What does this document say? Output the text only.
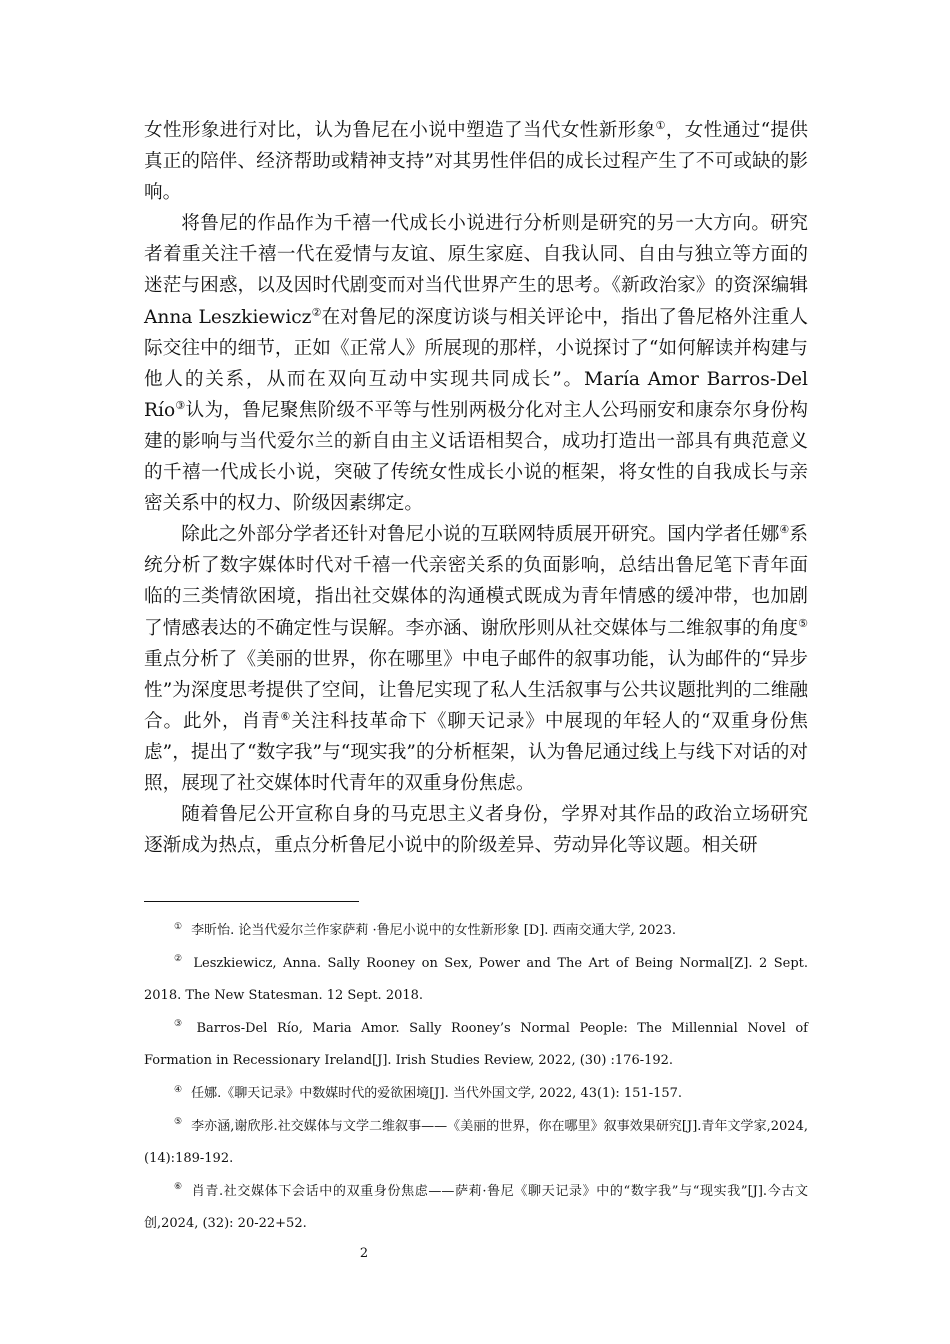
女性形象进行对比，认为鲁尼在小说中塑造了当代女性新形象①，女性通过“提供真正的陪伴、经济帮助或精神支持”对其男性伴侣的成长过程产生了不可或缺的影响。

将鲁尼的作品作为千禧一代成长小说进行分析则是研究的另一大方向。研究者着重关注千禧一代在爱情与友谊、原生家庭、自我认同、自由与独立等方面的迷茫与困惑，以及因时代剧变而对当代世界产生的思考。《新政治家》的资深编辑 Anna Leszkiewicz②在对鲁尼的深度访谈与相关评论中，指出了鲁尼格外注重人际交往中的细节，正如《正常人》所展现的那样，小说探讨了“如何解读并构建与他人的关系，从而在双向互动中实现共同成长”。María Amor Barros-Del Río③认为，鲁尼聚焦阶级不平等与性别两极分化对主人公玛丽安和康奈尔身份构建的影响与当代爱尔兰的新自由主义话语相契合，成功打造出一部具有典范意义的千禧一代成长小说，突破了传统女性成长小说的框架，将女性的自我成长与亲密关系中的权力、阶级因素绑定。

除此之外部分学者还针对鲁尼小说的互联网特质展开研究。国内学者任娜④系统分析了数字媒体时代对千禧一代亲密关系的负面影响，总结出鲁尼笔下青年面临的三类情欲困境，指出社交媒体的沟通模式既成为青年情感的缓冲带，也加剧了情感表达的不确定性与误解。李亦涵、谢欣彤则从社交媒体与二维叙事的角度⑤重点分析了《美丽的世界，你在哪里》中电子邮件的叙事功能，认为邮件的“异步性”为深度思考提供了空间，让鲁尼实现了私人生活叙事与公共议题批判的二维融合。此外，肖青⑥关注科技革命下《聊天记录》中展现的年轻人的“双重身份焦虑”，提出了“数字我”与“现实我”的分析框架，认为鲁尼通过线上与线下对话的对照，展现了社交媒体时代青年的双重身份焦虑。

随着鲁尼公开宣称自身的马克思主义者身份，学界对其作品的政治立场研究逐渐成为热点，重点分析鲁尼小说中的阶级差异、劳动异化等议题。相关研

① 李昕怡. 论当代爱尔兰作家萨莉 ·鲁尼小说中的女性新形象 [D]. 西南交通大学, 2023.

② Leszkiewicz, Anna. Sally Rooney on Sex, Power and The Art of Being Normal[Z]. 2 Sept. 2018. The New Statesman. 12 Sept. 2018.

③ Barros-Del Río, Maria Amor. Sally Rooney’s Normal People: The Millennial Novel of Formation in Recessionary Ireland[J]. Irish Studies Review, 2022, (30) :176-192.

④ 任娜.《聊天记录》中数媒时代的爱欲困境[J]. 当代外国文学, 2022, 43(1): 151-157.

⑤ 李亦涵,谢欣彤.社交媒体与文学二维叙事——《美丽的世界，你在哪里》叙事效果研究[J].青年文学家,2024,(14):189-192.

⑥ 肖青.社交媒体下会话中的双重身份焦虑——萨莉·鲁尼《聊天记录》中的“数字我”与“现实我”[J].今古文创,2024, (32): 20-22+52.

2
